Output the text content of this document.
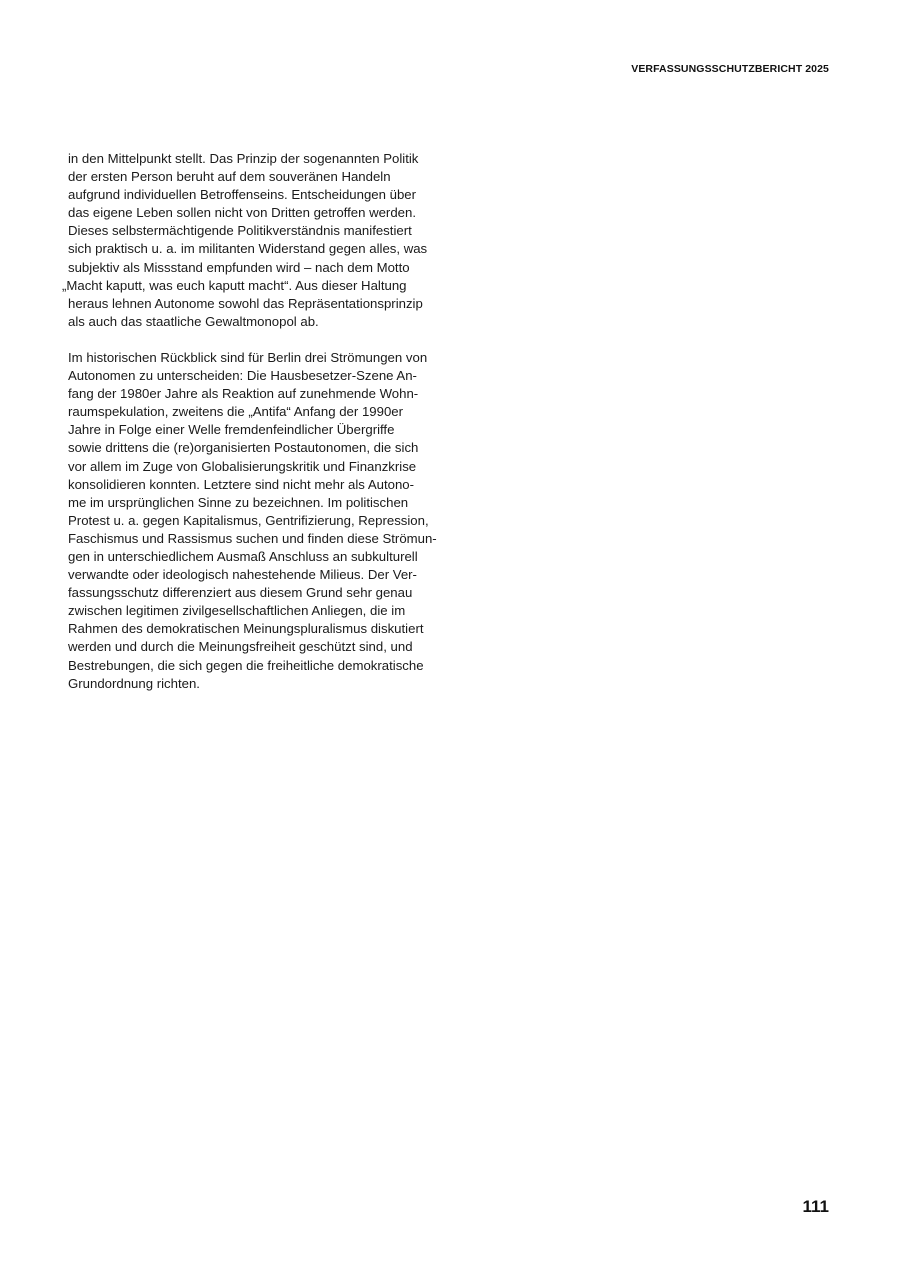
VERFASSUNGSSCHUTZBERICHT 2025

in den Mittelpunkt stellt. Das Prinzip der sogenannten Politik
der ersten Person beruht auf dem souveränen Handeln
aufgrund individuellen Betroffenseins. Entscheidungen über
das eigene Leben sollen nicht von Dritten getroffen werden.
Dieses selbstermächtigende Politikverständnis manifestiert
sich praktisch u. a. im militanten Widerstand gegen alles, was
subjektiv als Missstand empfunden wird – nach dem Motto
„Macht kaputt, was euch kaputt macht“. Aus dieser Haltung
heraus lehnen Autonome sowohl das Repräsentationsprinzip
als auch das staatliche Gewaltmonopol ab.

Im historischen Rückblick sind für Berlin drei Strömungen von
Autonomen zu unterscheiden: Die Hausbesetzer-Szene An-
fang der 1980er Jahre als Reaktion auf zunehmende Wohn-
raumspekulation, zweitens die „Antifa“ Anfang der 1990er
Jahre in Folge einer Welle fremdenfeindlicher Übergriffe
sowie drittens die (re)organisierten Postautonomen, die sich
vor allem im Zuge von Globalisierungskritik und Finanzkrise
konsolidieren konnten. Letztere sind nicht mehr als Autono-
me im ursprünglichen Sinne zu bezeichnen. Im politischen
Protest u. a. gegen Kapitalismus, Gentrifizierung, Repression,
Faschismus und Rassismus suchen und finden diese Strömun-
gen in unterschiedlichem Ausmaß Anschluss an subkulturell
verwandte oder ideologisch nahestehende Milieus. Der Ver-
fassungsschutz differenziert aus diesem Grund sehr genau
zwischen legitimen zivilgesellschaftlichen Anliegen, die im
Rahmen des demokratischen Meinungspluralismus diskutiert
werden und durch die Meinungsfreiheit geschützt sind, und
Bestrebungen, die sich gegen die freiheitliche demokratische
Grundordnung richten.

111
